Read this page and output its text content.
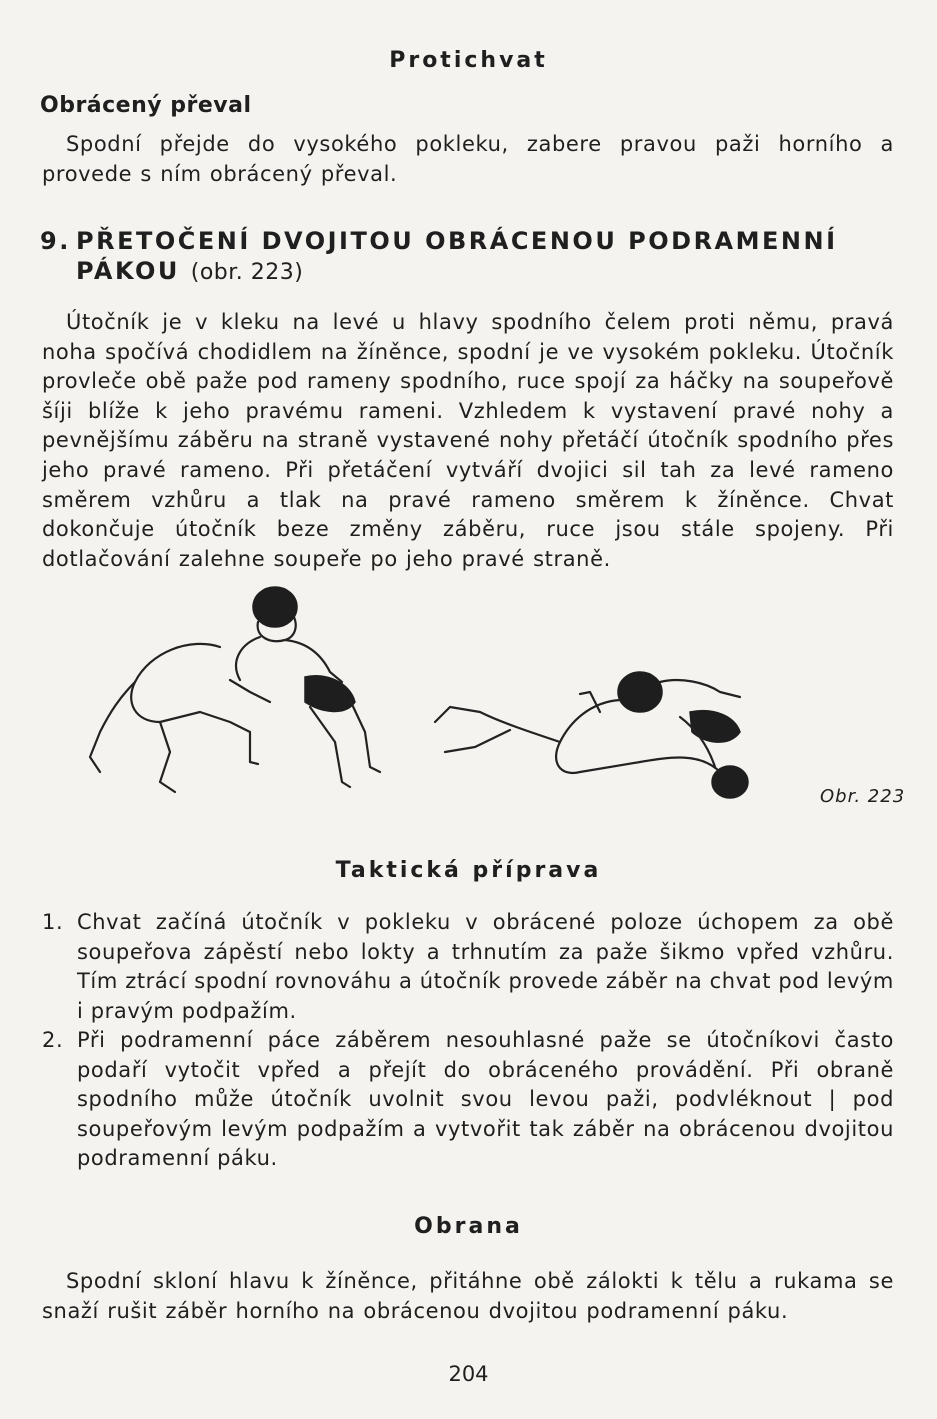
Protichvat
Obrácený převal

Spodní přejde do vysokého pokleku, zabere pravou paži horního a provede s ním obrácený převal.

9. PŘETOČENÍ DVOJITOU OBRÁCENOU PODRAMENNÍ
PÁKOU (obr. 223)

Útočník je v kleku na levé u hlavy spodního čelem proti němu, pravá noha spočívá chodidlem na žíněnce, spodní je ve vysokém pokleku. Útočník provleče obě paže pod rameny spodního, ruce spojí za háčky na soupeřově šíji blíže k jeho pravému rameni. Vzhledem k vystavení pravé nohy a pevnějšímu záběru na straně vystavené nohy přetáčí útočník spodního přes jeho pravé rameno. Při přetáčení vytváří dvojici sil tah za levé rameno směrem vzhůru a tlak na pravé rameno směrem k žíněnce. Chvat dokončuje útočník beze změny záběru, ruce jsou stále spojeny. Při dotlačování zalehne soupeře po jeho pravé straně.

Obr. 223
Taktická příprava
1. Chvat začíná útočník v pokleku v obrácené poloze úchopem za obě soupeřova zápěstí nebo lokty a trhnutím za paže šikmo vpřed vzhůru. Tím ztrácí spodní rovnováhu a útočník provede záběr na chvat pod levým i pravým podpažím.
2. Při podramenní páce záběrem nesouhlasné paže se útočníkovi často podaří vytočit vpřed a přejít do obráceného provádění. Při obraně spodního může útočník uvolnit svou levou paži, podvléknout | pod soupeřovým levým podpažím a vytvořit tak záběr na obrácenou dvojitou podramenní páku.
Obrana

Spodní skloní hlavu k žíněnce, přitáhne obě zálokti k tělu a rukama se snaží rušit záběr horního na obrácenou dvojitou podramenní páku.

204
